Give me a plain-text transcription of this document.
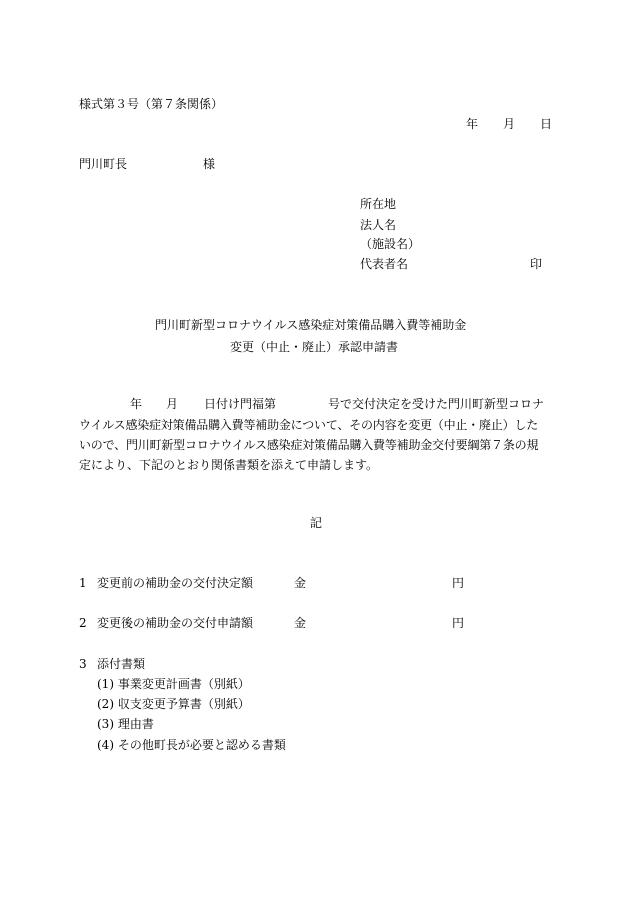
様式第３号（第７条関係）
年 月 日
門川町長	様
所在地
法人名
（施設名）
代表者名	印
門川町新型コロナウイルス感染症対策備品購入費等補助金
変更（中止・廃止）承認申請書
年 月 日付け門福第	号で交付決定を受けた門川町新型コロナ
ウイルス感染症対策備品購入費等補助金について、その内容を変更（中止・廃止）した
いので、門川町新型コロナウイルス感染症対策備品購入費等補助金交付要綱第７条の規
定により、下記のとおり関係書類を添えて申請します。
記
1 変更前の補助金の交付決定額	金	円
2 変更後の補助金の交付申請額	金	円
3 添付書類
(1) 事業変更計画書（別紙）
(2) 収支変更予算書（別紙）
(3) 理由書
(4) その他町長が必要と認める書類
